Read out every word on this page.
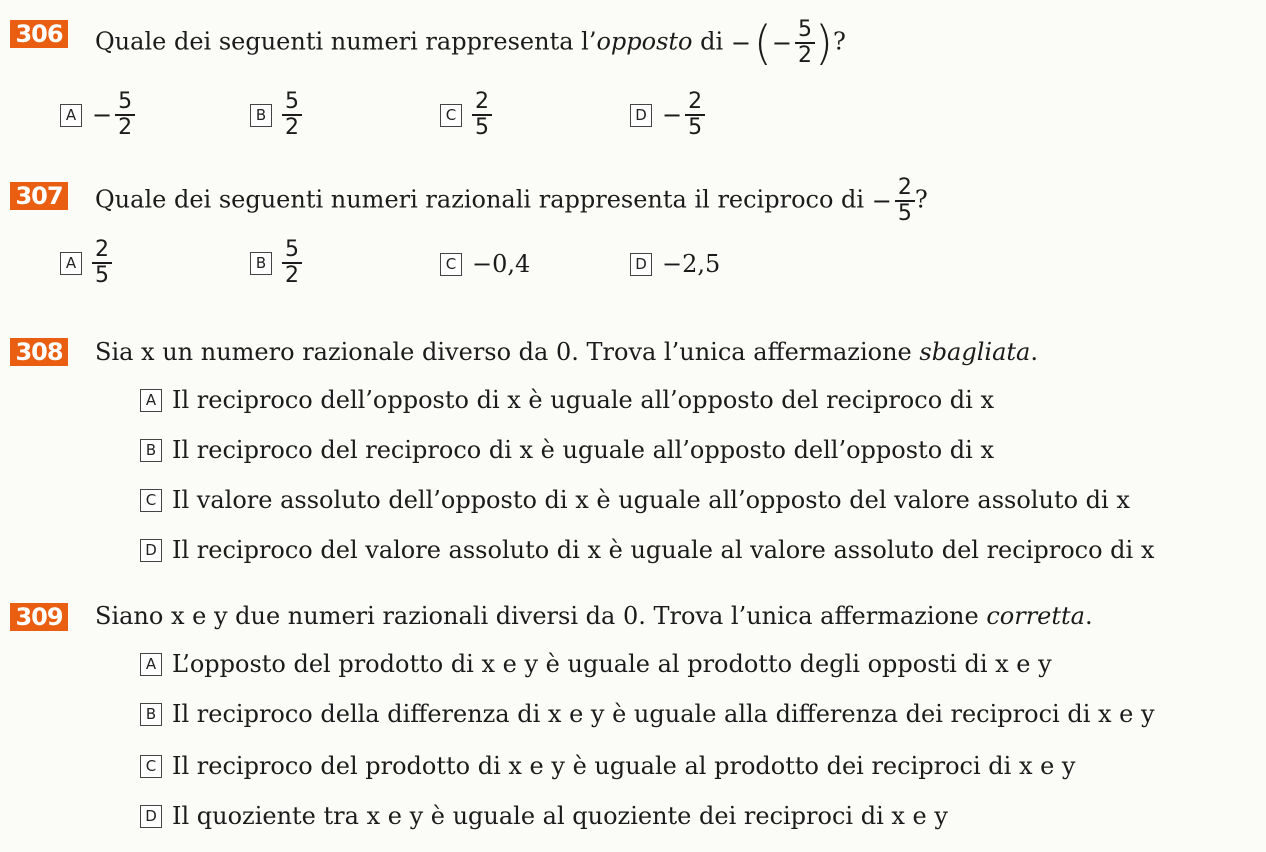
306 Quale dei seguenti numeri rappresenta l’opposto di − ( − $\frac{5}{2}$ ) ?
$A - \frac{5}{2}$	B $\frac{5}{2}$	C $\frac{2}{5}$	$D - \frac{2}{5}$
307 Quale dei seguenti numeri razionali rappresenta il reciproco di − $\frac{2}{5}$ ?
A $\frac{2}{5}$	B $\frac{5}{2}$	C −0,4	D −2,5
308 Sia x un numero razionale diverso da 0. Trova l’unica affermazione sbagliata.
A Il reciproco dell’opposto di x è uguale all’opposto del reciproco di x
B Il reciproco del reciproco di x è uguale all’opposto dell’opposto di x
C Il valore assoluto dell’opposto di x è uguale all’opposto del valore assoluto di x
D Il reciproco del valore assoluto di x è uguale al valore assoluto del reciproco di x
309 Siano x e y due numeri razionali diversi da 0. Trova l’unica affermazione corretta.
A L’opposto del prodotto di x e y è uguale al prodotto degli opposti di x e y
B Il reciproco della differenza di x e y è uguale alla differenza dei reciproci di x e y
C Il reciproco del prodotto di x e y è uguale al prodotto dei reciproci di x e y
D Il quoziente tra x e y è uguale al quoziente dei reciproci di x e y
